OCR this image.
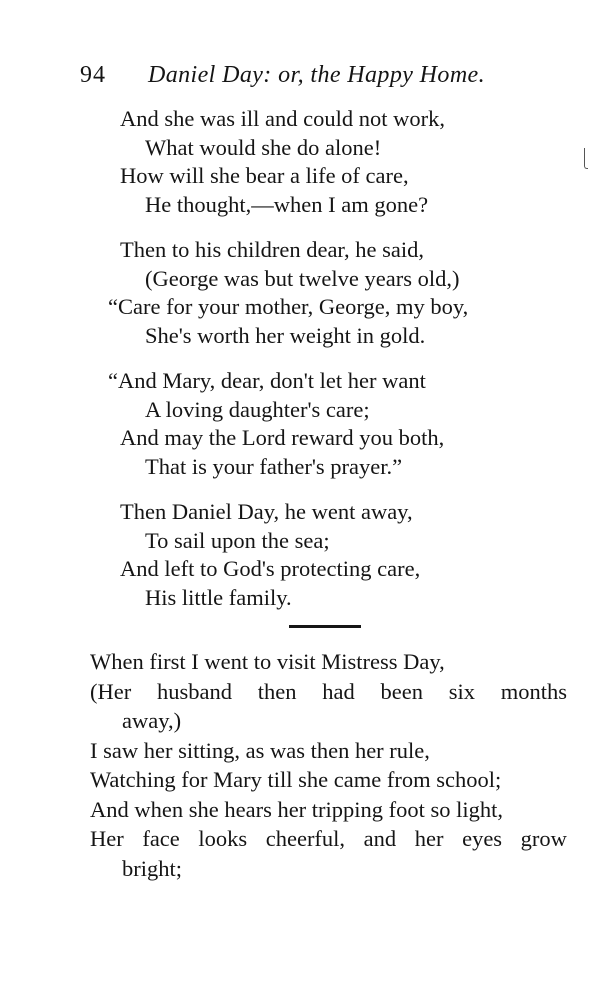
94 Daniel Day: or, the Happy Home.
And she was ill and could not work,
What would she do alone!
How will she bear a life of care,
He thought,—when I am gone?
Then to his children dear, he said,
(George was but twelve years old,)
“Care for your mother, George, my boy,
She's worth her weight in gold.
“And Mary, dear, don't let her want
A loving daughter's care;
And may the Lord reward you both,
That is your father's prayer.”
Then Daniel Day, he went away,
To sail upon the sea;
And left to God's protecting care,
His little family.
When first I went to visit Mistress Day,
(Her husband then had been six months
away,)
I saw her sitting, as was then her rule,
Watching for Mary till she came from school;
And when she hears her tripping foot so light,
Her face looks cheerful, and her eyes grow
bright;
